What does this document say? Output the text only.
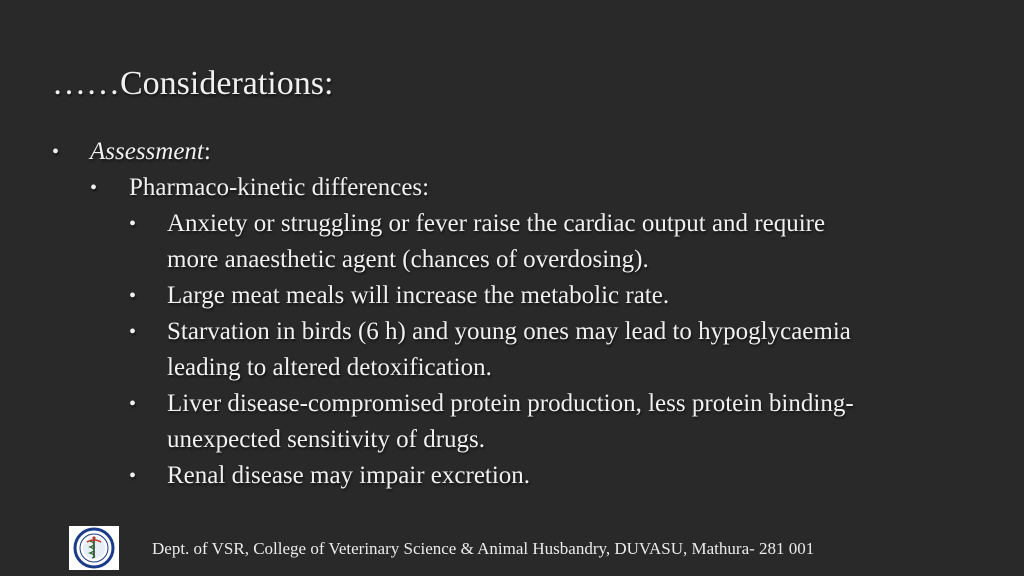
……Considerations:
• Assessment:
• Pharmaco-kinetic differences:
• Anxiety or struggling or fever raise the cardiac output and require
more anaesthetic agent (chances of overdosing).
• Large meat meals will increase the metabolic rate.
• Starvation in birds (6 h) and young ones may lead to hypoglycaemia
leading to altered detoxification.
• Liver disease-compromised protein production, less protein binding-
unexpected sensitivity of drugs.
• Renal disease may impair excretion.
Dept. of VSR, College of Veterinary Science & Animal Husbandry, DUVASU, Mathura- 281 001
